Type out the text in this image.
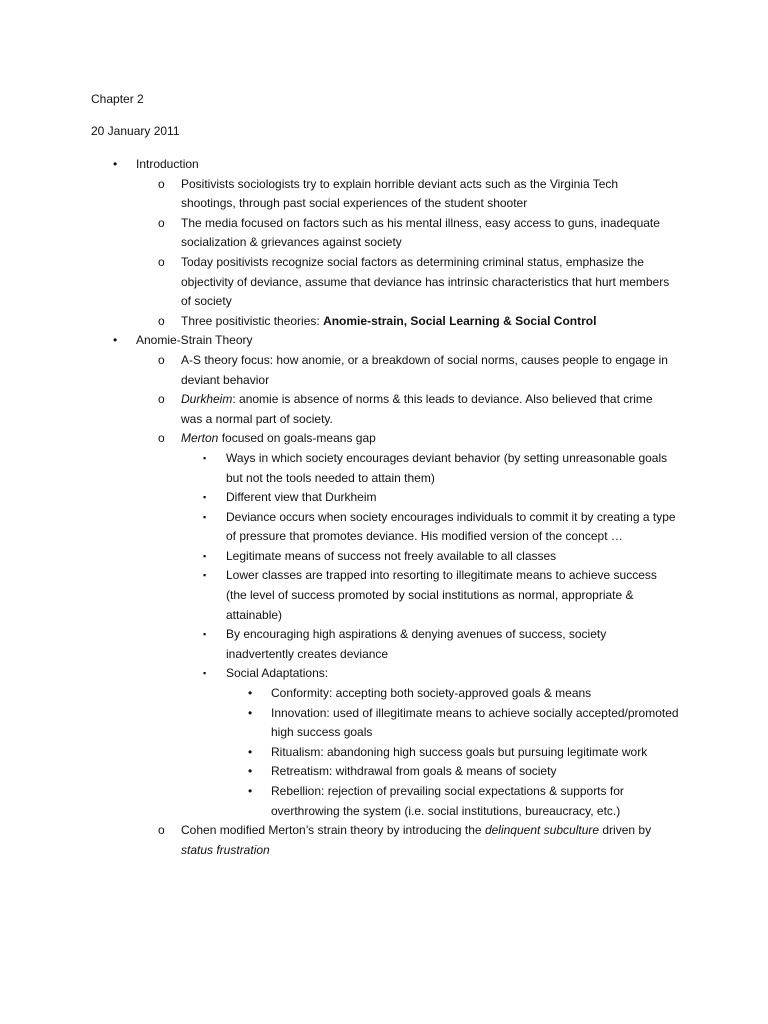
Chapter 2

20 January 2011

• Introduction
o Positivists sociologists try to explain horrible deviant acts such as the Virginia Tech shootings, through past social experiences of the student shooter
o The media focused on factors such as his mental illness, easy access to guns, inadequate socialization & grievances against society
o Today positivists recognize social factors as determining criminal status, emphasize the objectivity of deviance, assume that deviance has intrinsic characteristics that hurt members of society
o Three positivistic theories: Anomie-strain, Social Learning & Social Control
• Anomie-Strain Theory
o A-S theory focus: how anomie, or a breakdown of social norms, causes people to engage in deviant behavior
o Durkheim: anomie is absence of norms & this leads to deviance. Also believed that crime was a normal part of society.
o Merton focused on goals-means gap
▪ Ways in which society encourages deviant behavior (by setting unreasonable goals but not the tools needed to attain them)
▪ Different view that Durkheim
▪ Deviance occurs when society encourages individuals to commit it by creating a type of pressure that promotes deviance. His modified version of the concept …
▪ Legitimate means of success not freely available to all classes
▪ Lower classes are trapped into resorting to illegitimate means to achieve success (the level of success promoted by social institutions as normal, appropriate & attainable)
▪ By encouraging high aspirations & denying avenues of success, society inadvertently creates deviance
▪ Social Adaptations:
• Conformity: accepting both society-approved goals & means
• Innovation: used of illegitimate means to achieve socially accepted/promoted high success goals
• Ritualism: abandoning high success goals but pursuing legitimate work
• Retreatism: withdrawal from goals & means of society
• Rebellion: rejection of prevailing social expectations & supports for overthrowing the system (i.e. social institutions, bureaucracy, etc.)
o Cohen modified Merton’s strain theory by introducing the delinquent subculture driven by status frustration
